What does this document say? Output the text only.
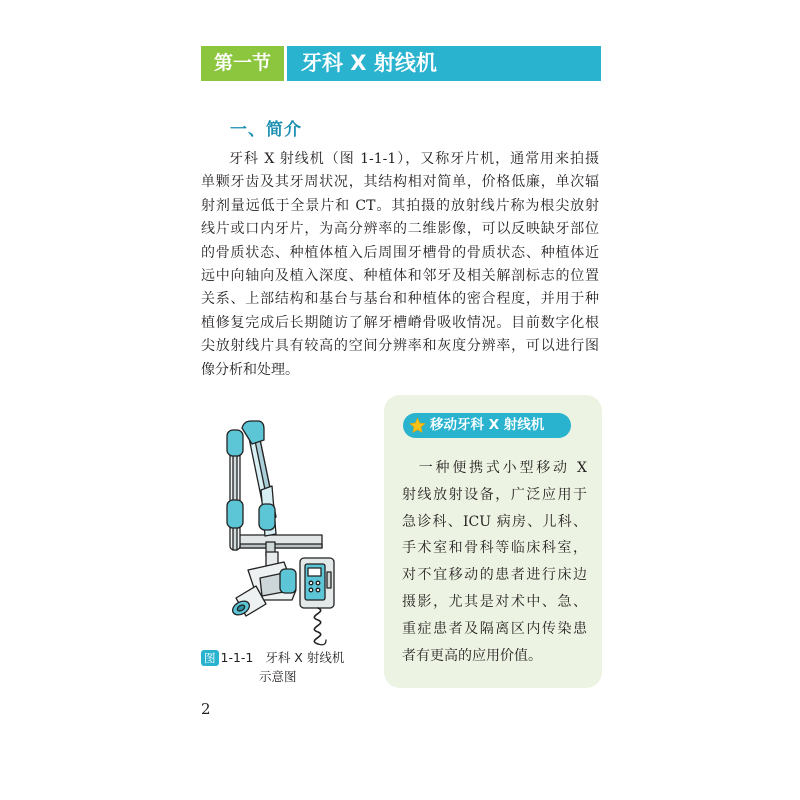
第一节	牙科 X 射线机
一、简介

牙科 X 射线机（图 1-1-1），又称牙片机，通常用来拍摄
单颗牙齿及其牙周状况，其结构相对简单，价格低廉，单次辐
射剂量远低于全景片和 CT。其拍摄的放射线片称为根尖放射
线片或口内牙片，为高分辨率的二维影像，可以反映缺牙部位
的骨质状态、种植体植入后周围牙槽骨的骨质状态、种植体近
远中向轴向及植入深度、种植体和邻牙及相关解剖标志的位置
关系、上部结构和基台与基台和种植体的密合程度，并用于种
植修复完成后长期随访了解牙槽嵴骨吸收情况。目前数字化根
尖放射线片具有较高的空间分辨率和灰度分辨率，可以进行图
像分析和处理。

图 1-1-1 牙科 X 射线机
示意图
移动牙科 X 射线机

　一种便携式小型移动 X
射线放射设备，广泛应用于
急诊科、ICU 病房、儿科、
手术室和骨科等临床科室，
对不宜移动的患者进行床边
摄影，尤其是对术中、急、
重症患者及隔离区内传染患
者有更高的应用价值。

2
